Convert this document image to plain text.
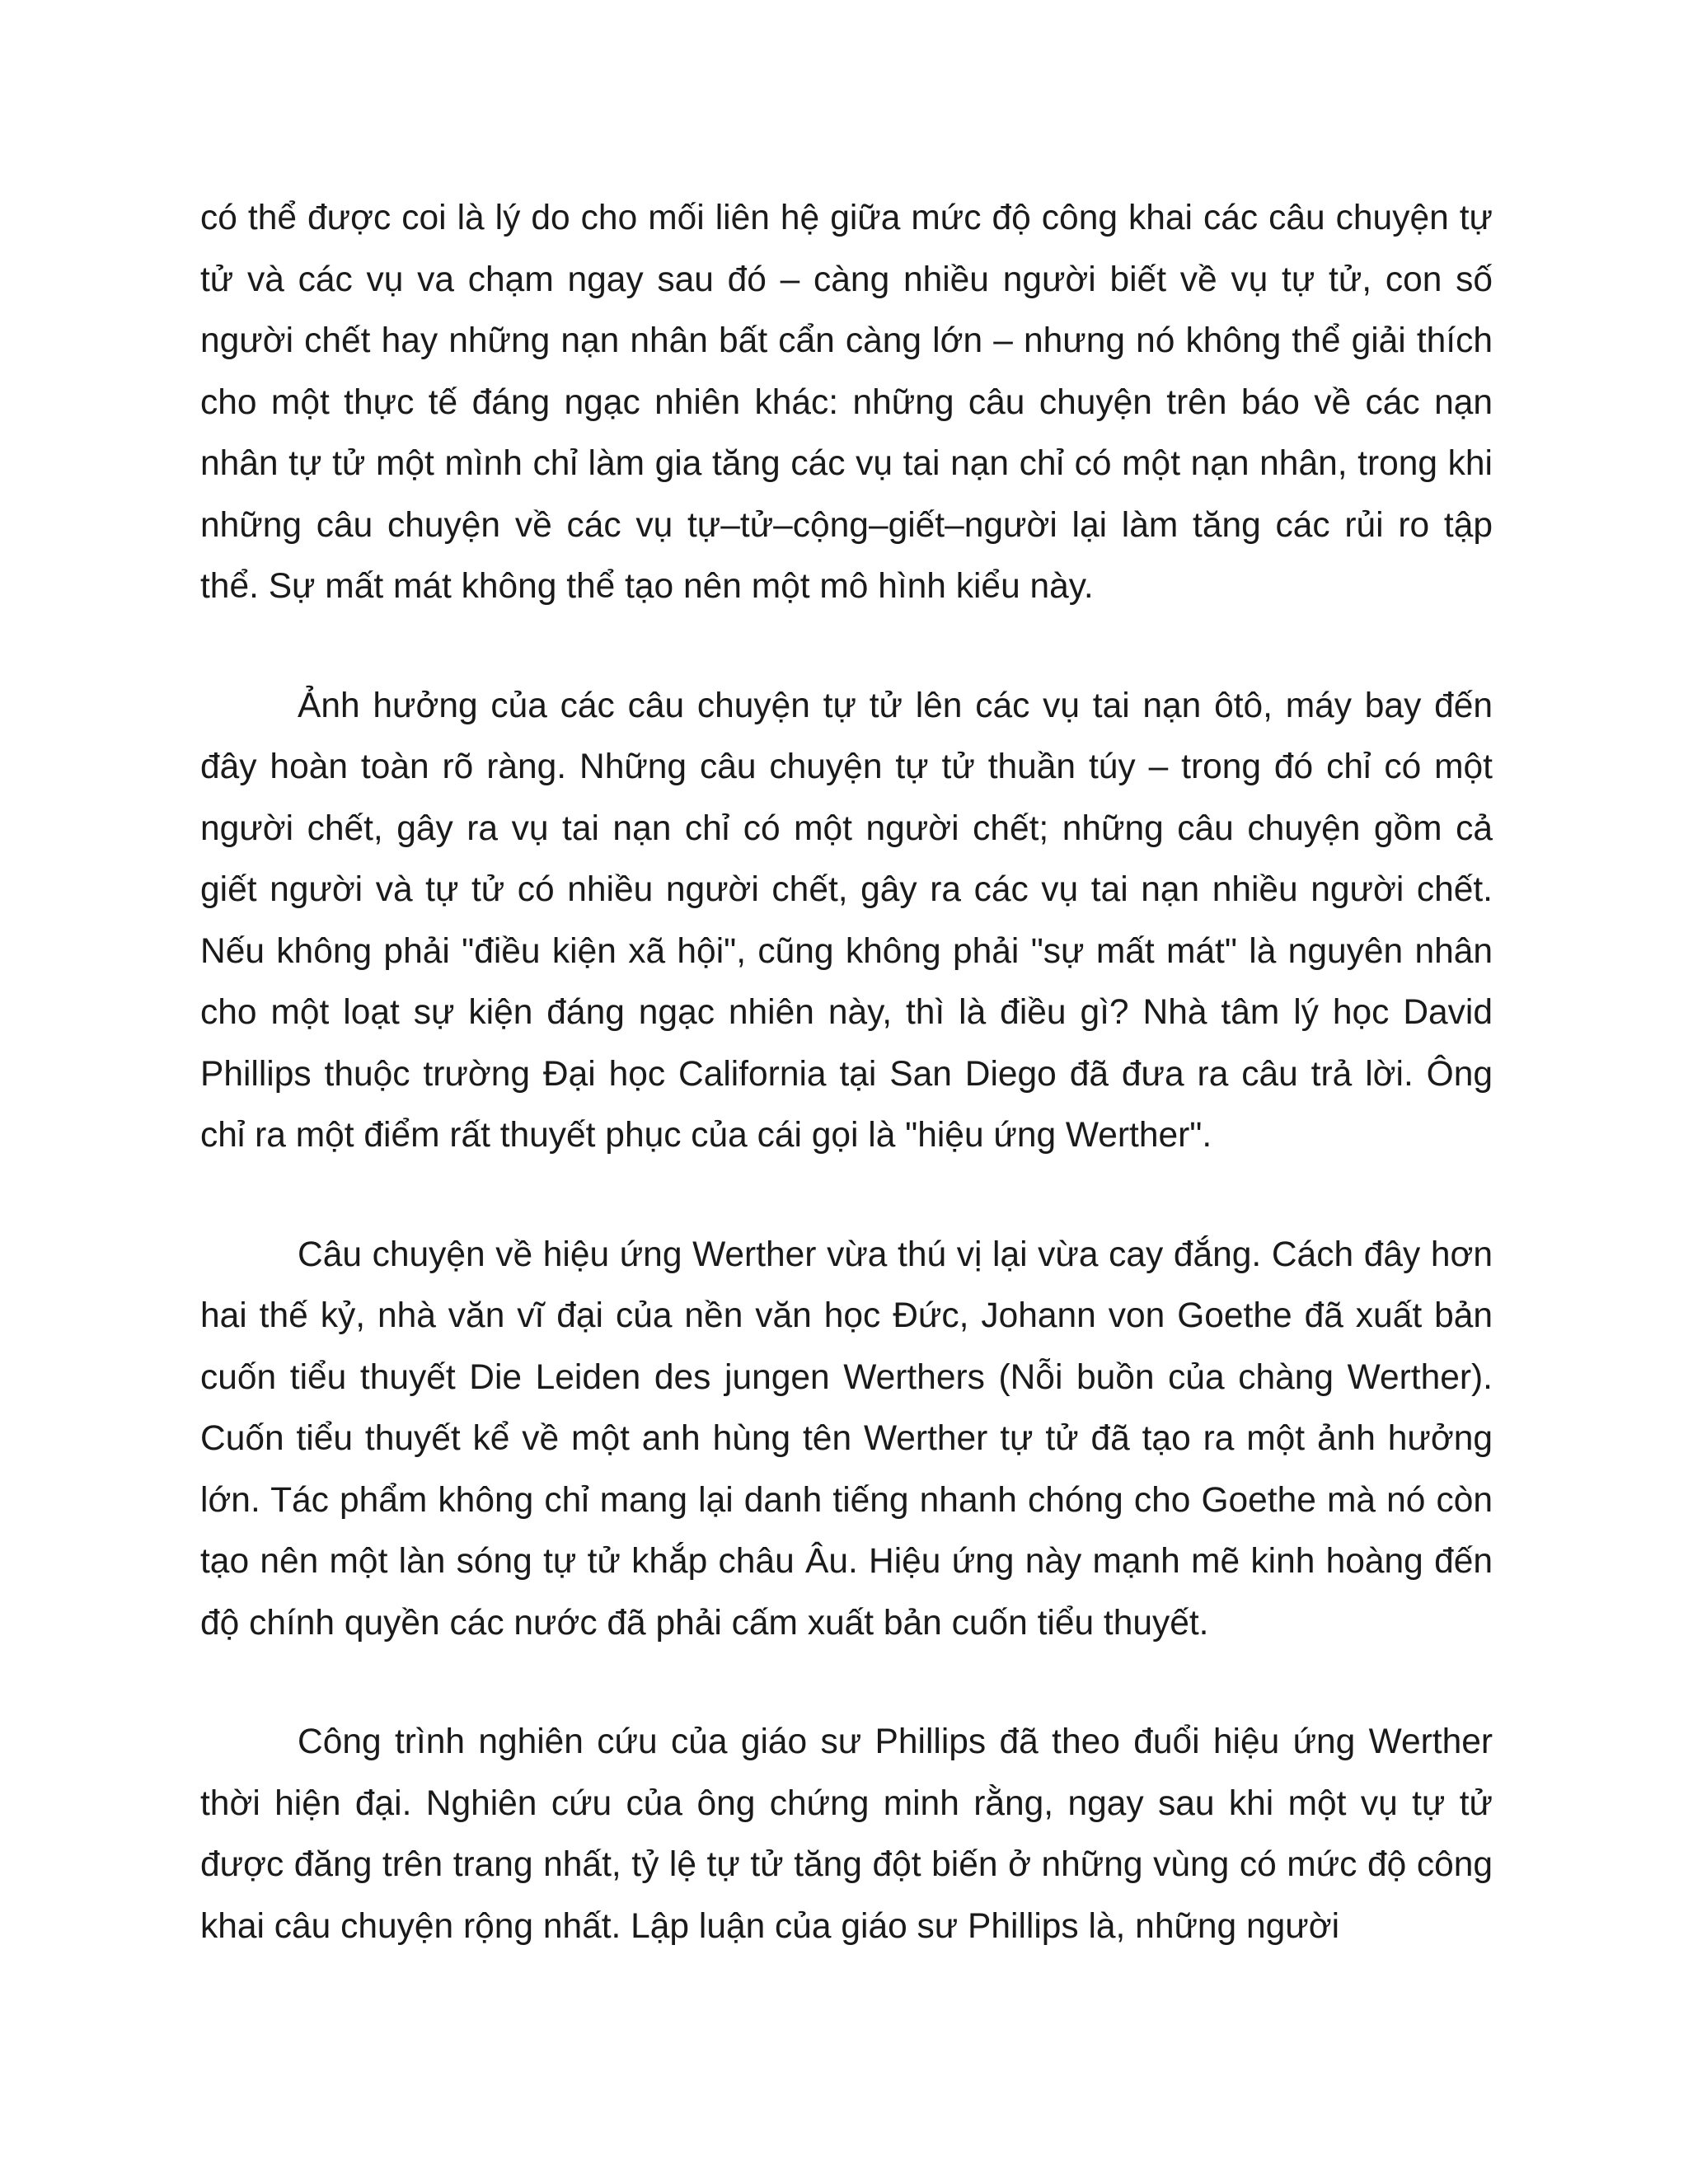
có thể được coi là lý do cho mối liên hệ giữa mức độ công khai các câu chuyện tự tử và các vụ va chạm ngay sau đó – càng nhiều người biết về vụ tự tử, con số người chết hay những nạn nhân bất cẩn càng lớn – nhưng nó không thể giải thích cho một thực tế đáng ngạc nhiên khác: những câu chuyện trên báo về các nạn nhân tự tử một mình chỉ làm gia tăng các vụ tai nạn chỉ có một nạn nhân, trong khi những câu chuyện về các vụ tự–tử–cộng–giết–người lại làm tăng các rủi ro tập thể. Sự mất mát không thể tạo nên một mô hình kiểu này.

Ảnh hưởng của các câu chuyện tự tử lên các vụ tai nạn ôtô, máy bay đến đây hoàn toàn rõ ràng. Những câu chuyện tự tử thuần túy – trong đó chỉ có một người chết, gây ra vụ tai nạn chỉ có một người chết; những câu chuyện gồm cả giết người và tự tử có nhiều người chết, gây ra các vụ tai nạn nhiều người chết. Nếu không phải "điều kiện xã hội", cũng không phải "sự mất mát" là nguyên nhân cho một loạt sự kiện đáng ngạc nhiên này, thì là điều gì? Nhà tâm lý học David Phillips thuộc trường Đại học California tại San Diego đã đưa ra câu trả lời. Ông chỉ ra một điểm rất thuyết phục của cái gọi là "hiệu ứng Werther".

Câu chuyện về hiệu ứng Werther vừa thú vị lại vừa cay đắng. Cách đây hơn hai thế kỷ, nhà văn vĩ đại của nền văn học Đức, Johann von Goethe đã xuất bản cuốn tiểu thuyết Die Leiden des jungen Werthers (Nỗi buồn của chàng Werther). Cuốn tiểu thuyết kể về một anh hùng tên Werther tự tử đã tạo ra một ảnh hưởng lớn. Tác phẩm không chỉ mang lại danh tiếng nhanh chóng cho Goethe mà nó còn tạo nên một làn sóng tự tử khắp châu Âu. Hiệu ứng này mạnh mẽ kinh hoàng đến độ chính quyền các nước đã phải cấm xuất bản cuốn tiểu thuyết.

Công trình nghiên cứu của giáo sư Phillips đã theo đuổi hiệu ứng Werther thời hiện đại. Nghiên cứu của ông chứng minh rằng, ngay sau khi một vụ tự tử được đăng trên trang nhất, tỷ lệ tự tử tăng đột biến ở những vùng có mức độ công khai câu chuyện rộng nhất. Lập luận của giáo sư Phillips là, những người
